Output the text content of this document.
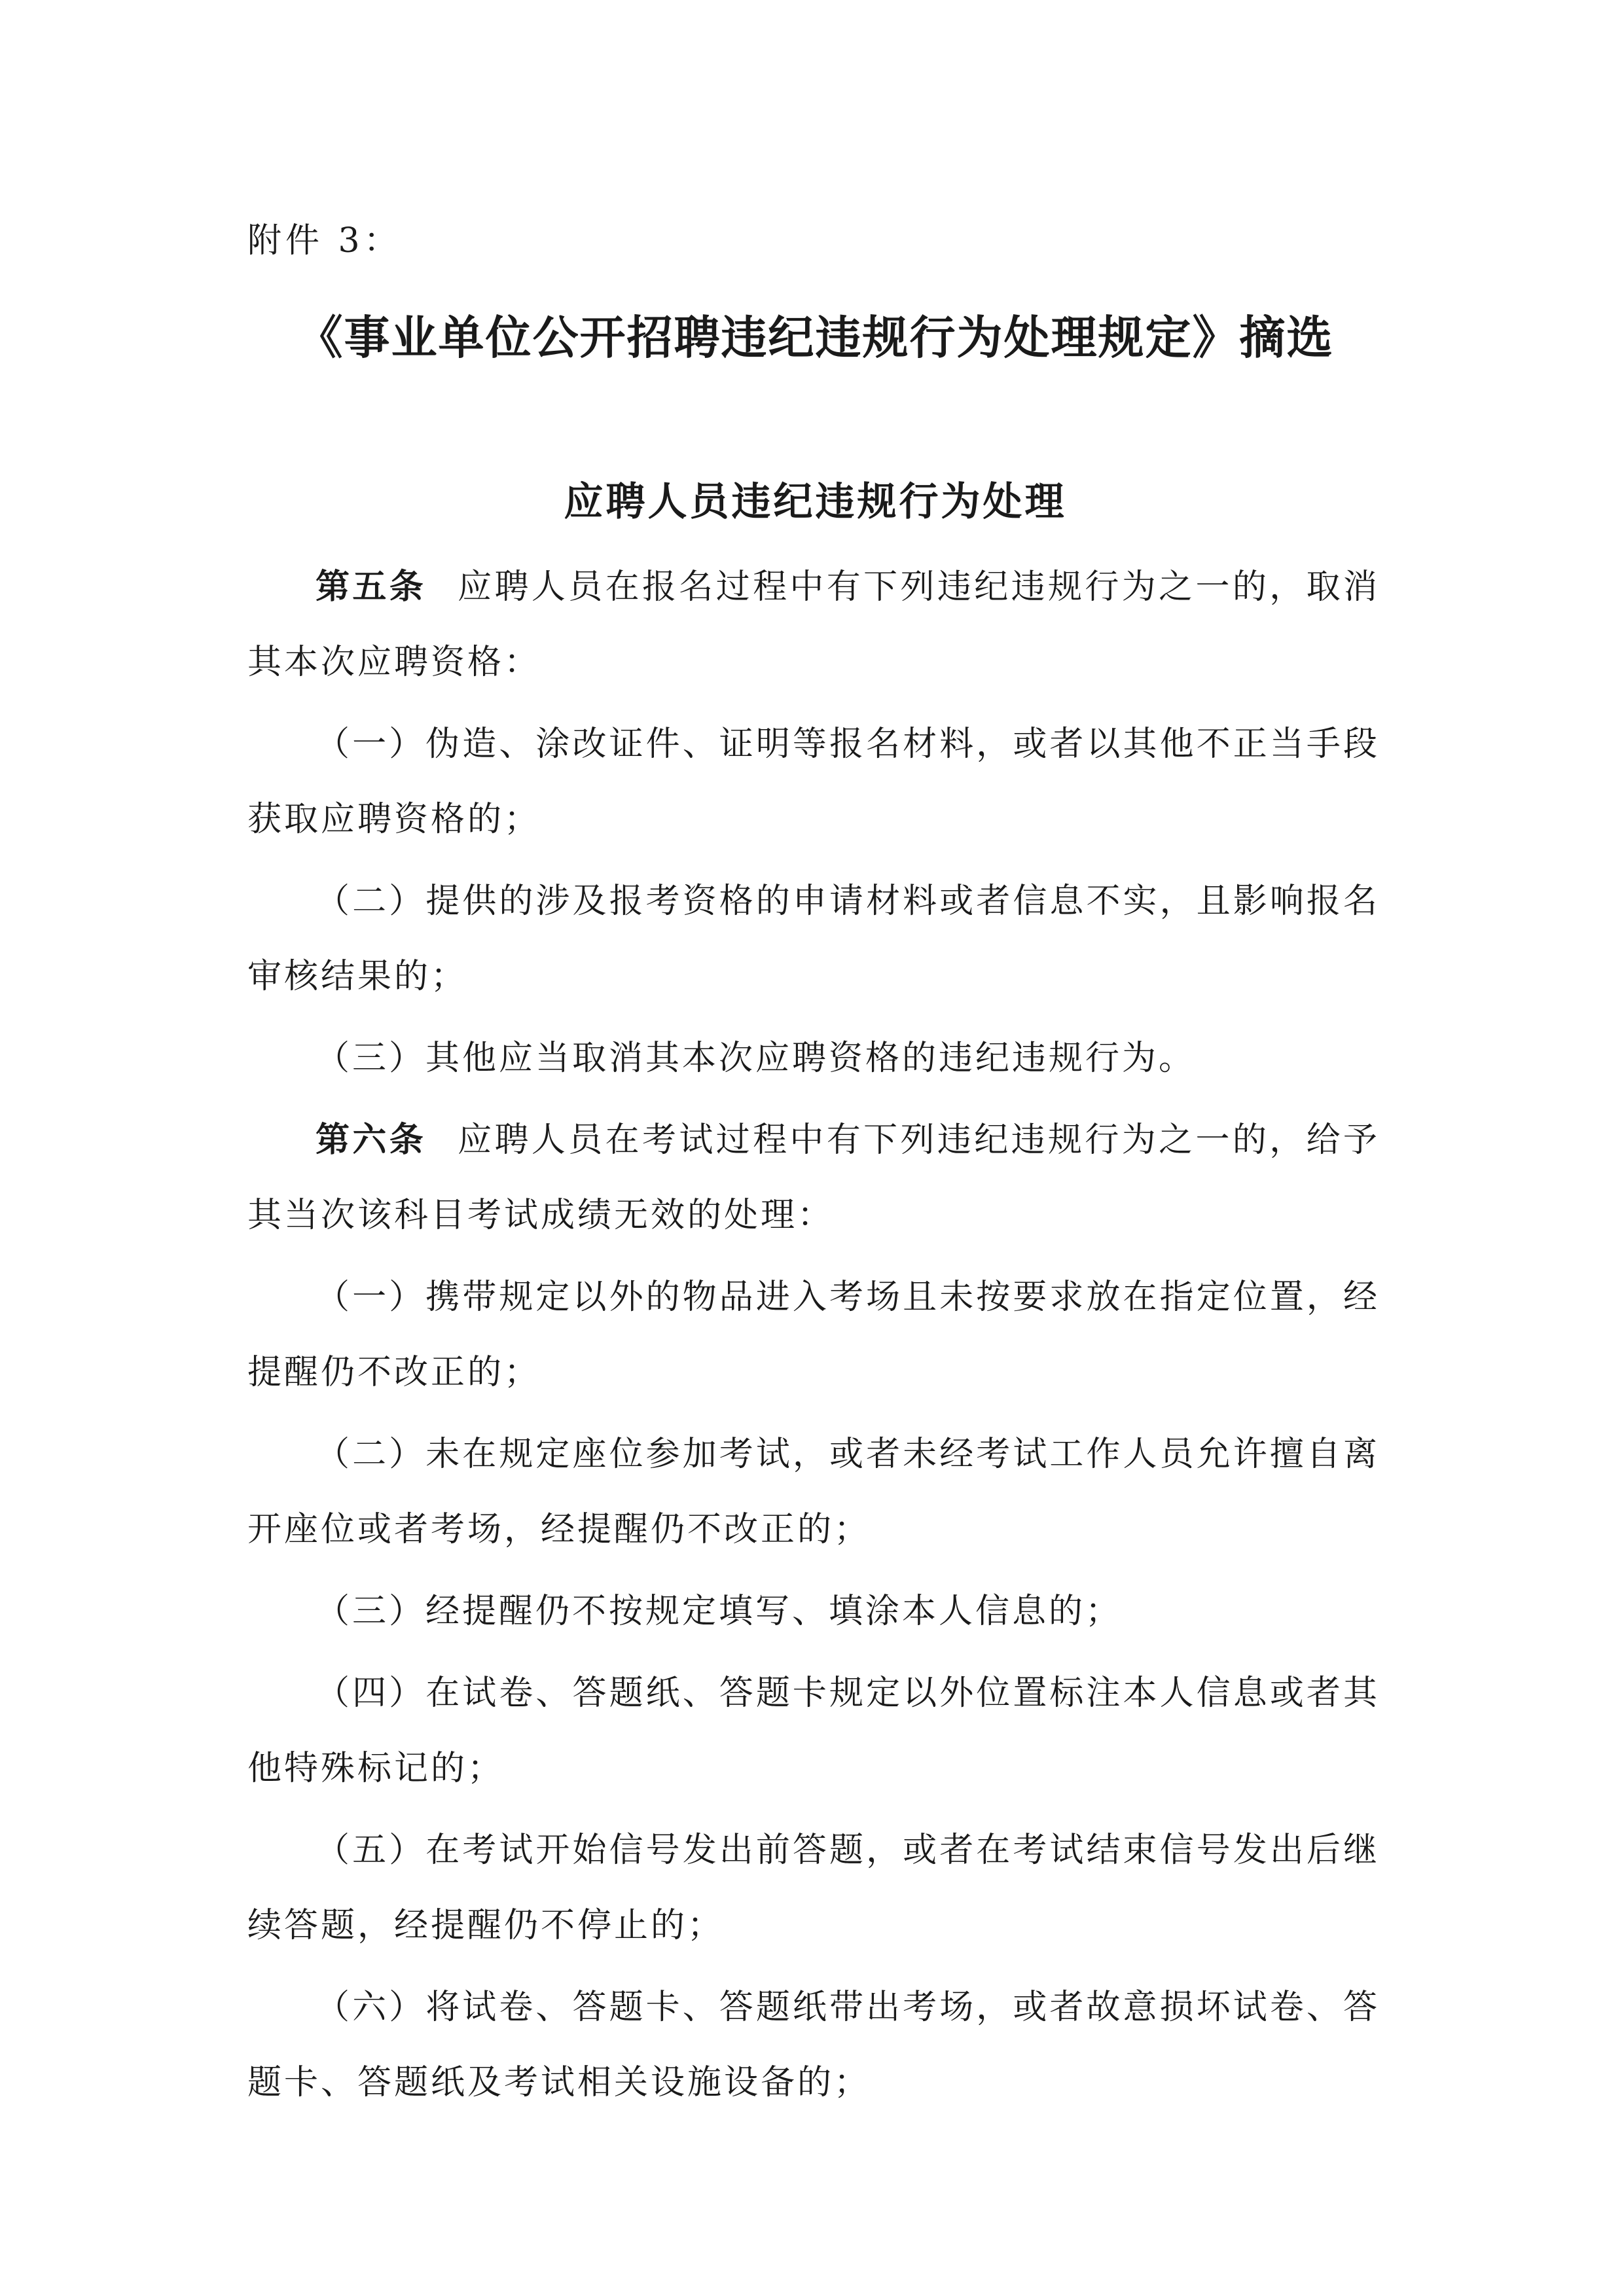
附件 3：
《事业单位公开招聘违纪违规行为处理规定》摘选
应聘人员违纪违规行为处理

第五条 应聘人员在报名过程中有下列违纪违规行为之一的，取消其本次应聘资格：

（一）伪造、涂改证件、证明等报名材料，或者以其他不正当手段获取应聘资格的；

（二）提供的涉及报考资格的申请材料或者信息不实，且影响报名审核结果的；

（三）其他应当取消其本次应聘资格的违纪违规行为。

第六条 应聘人员在考试过程中有下列违纪违规行为之一的，给予其当次该科目考试成绩无效的处理：

（一）携带规定以外的物品进入考场且未按要求放在指定位置，经提醒仍不改正的；

（二）未在规定座位参加考试，或者未经考试工作人员允许擅自离开座位或者考场，经提醒仍不改正的；

（三）经提醒仍不按规定填写、填涂本人信息的；

（四）在试卷、答题纸、答题卡规定以外位置标注本人信息或者其他特殊标记的；

（五）在考试开始信号发出前答题，或者在考试结束信号发出后继续答题，经提醒仍不停止的；

（六）将试卷、答题卡、答题纸带出考场，或者故意损坏试卷、答题卡、答题纸及考试相关设施设备的；
